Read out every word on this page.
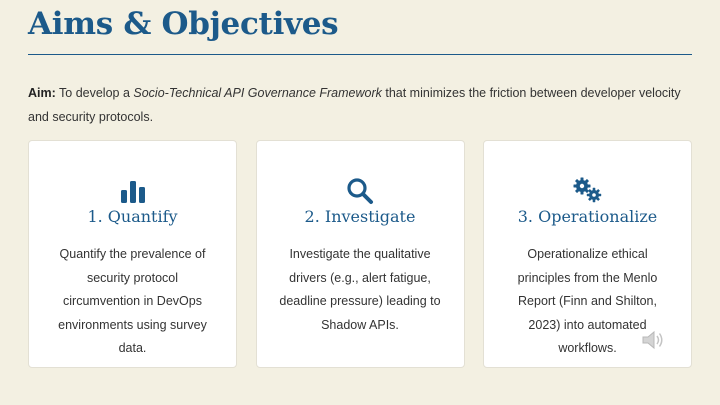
Aims & Objectives
Aim: To develop a Socio-Technical API Governance Framework that minimizes the friction between developer velocity and security protocols.
1. Quantify
Quantify the prevalence of security protocol circumvention in DevOps environments using survey data.
2. Investigate
Investigate the qualitative drivers (e.g., alert fatigue, deadline pressure) leading to Shadow APIs.
3. Operationalize
Operationalize ethical principles from the Menlo Report (Finn and Shilton, 2023) into automated workflows.
